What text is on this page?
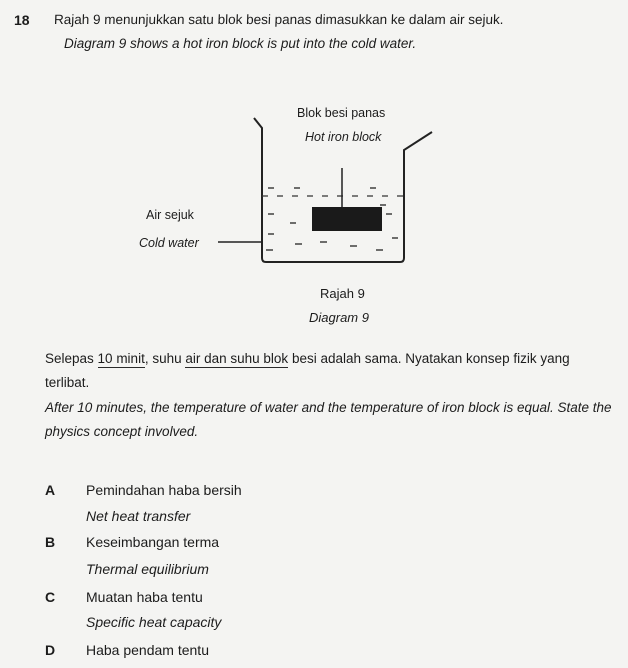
18 Rajah 9 menunjukkan satu blok besi panas dimasukkan ke dalam air sejuk.
Diagram 9 shows a hot iron block is put into the cold water.
Blok besi panas
Hot iron block
Air sejuk
Cold water
Rajah 9
Diagram 9
Selepas 10 minit, suhu air dan suhu blok besi adalah sama. Nyatakan konsep fizik yang terlibat.
After 10 minutes, the temperature of water and the temperature of iron block is equal. State the physics concept involved.
A Pemindahan haba bersih
Net heat transfer
B Keseimbangan terma
Thermal equilibrium
C Muatan haba tentu
Specific heat capacity
D Haba pendam tentu
